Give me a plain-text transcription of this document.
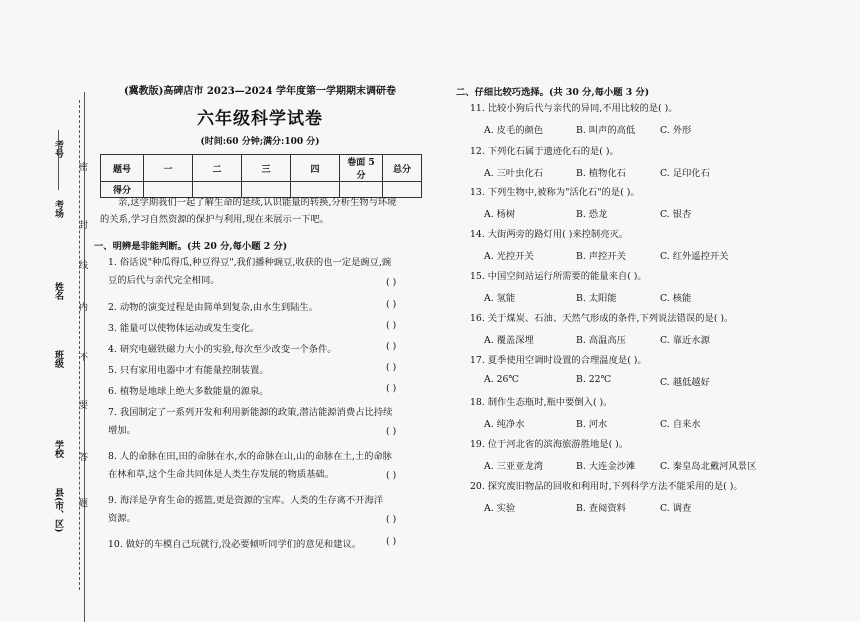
考号
考场
姓名
班级
学校
县(市、区)
密
封
线
内
不
要
答
题
(冀教版)高碑店市 2023—2024 学年度第一学期期末调研卷
六年级科学试卷
(时间:60 分钟;满分:100 分)
题号	一	二	三	四	卷面 5 分	总分
得分						
亲,这学期我们一起了解生命的延续,认识能量的转换,分析生物与环境
的关系,学习自然资源的保护与利用,现在来展示一下吧。
一、明辨是非能判断。(共 20 分,每小题 2 分)
1. 俗话说"种瓜得瓜,种豆得豆",我们播种豌豆,收获的也一定是豌豆,豌
豆的后代与亲代完全相同。	( )
2. 动物的演变过程是由简单到复杂,由水生到陆生。	( )
3. 能量可以使物体运动或发生变化。	( )
4. 研究电磁铁磁力大小的实验,每次至少改变一个条件。	( )
5. 只有家用电器中才有能量控制装置。	( )
6. 植物是地球上绝大多数能量的源泉。	( )
7. 我国制定了一系列开发和利用新能源的政策,潜洁能源消费占比持续
增加。	( )
8. 人的命脉在田,田的命脉在水,水的命脉在山,山的命脉在土,土的命脉
在林和草,这个生命共同体是人类生存发展的物质基础。	( )
9. 海洋是孕育生命的摇篮,更是资源的宝库。人类的生存离不开海洋
资源。	( )
10. 做好的车模自己玩就行,没必要倾听同学们的意见和建议。	( )
二、仔细比较巧选择。(共 30 分,每小题 3 分)
11. 比较小狗后代与亲代的异同,不用比较的是( )。
A. 皮毛的颜色	B. 叫声的高低	C. 外形
12. 下列化石属于遗迹化石的是( )。
A. 三叶虫化石	B. 植物化石	C. 足印化石
13. 下列生物中,被称为"活化石"的是( )。
A. 杨树	B. 恐龙	C. 银杏
14. 大街两旁的路灯用( )来控制亮灭。
A. 光控开关	B. 声控开关	C. 红外遥控开关
15. 中国空间站运行所需要的能量来自( )。
A. 氢能	B. 太阳能	C. 核能
16. 关于煤炭、石油、天然气形成的条件,下列说法错误的是( )。
A. 覆盖深埋	B. 高温高压	C. 靠近水源
17. 夏季使用空调时设置的合理温度是( )。
A. 26℃	B. 22℃	C. 越低越好
18. 制作生态瓶时,瓶中要倒入( )。
A. 纯净水	B. 河水	C. 自来水
19. 位于河北省的滨海旅游胜地是( )。
A. 三亚亚龙湾	B. 大连金沙滩	C. 秦皇岛北戴河风景区
20. 探究废旧物品的回收和利用时,下列科学方法不能采用的是( )。
A. 实验	B. 查阅资料	C. 调查
